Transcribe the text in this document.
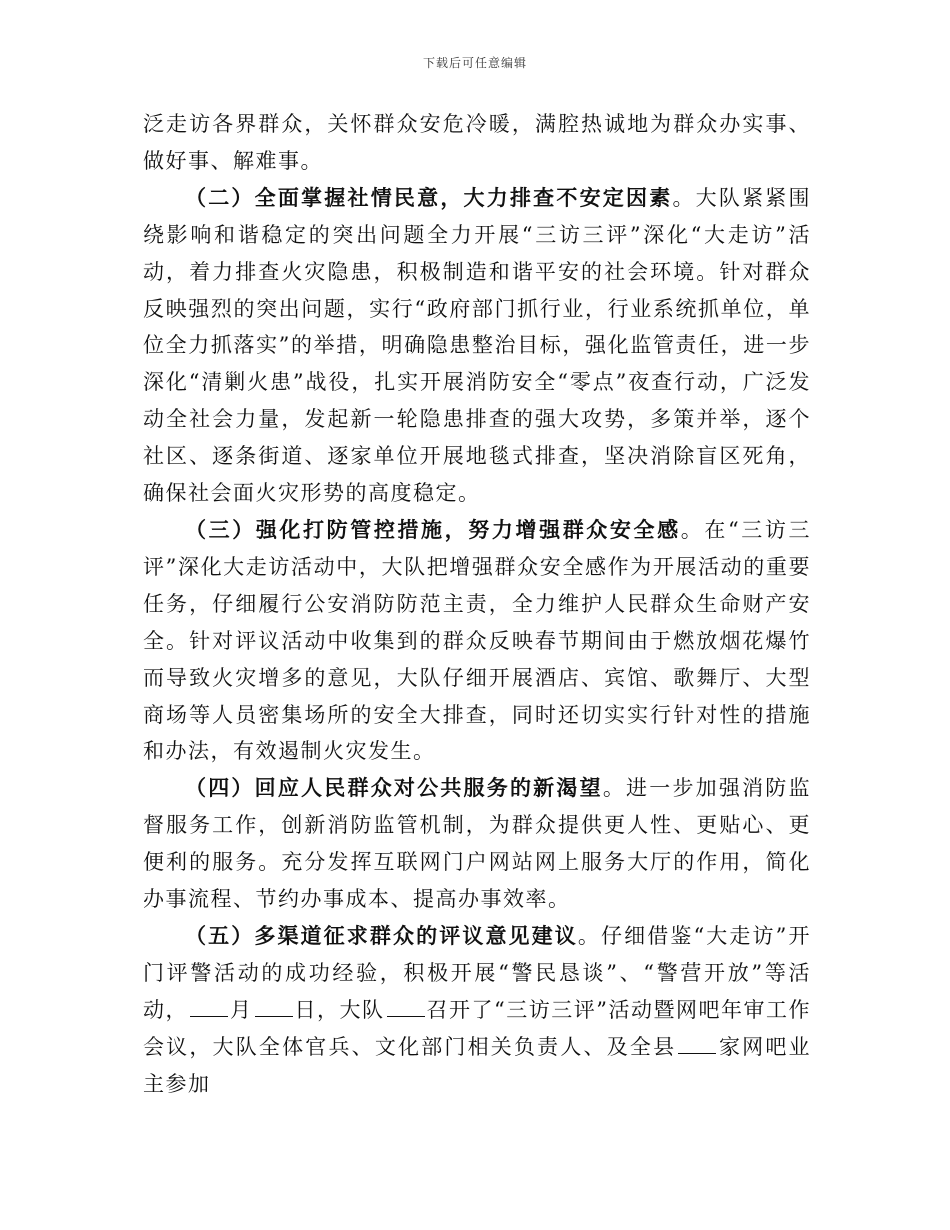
下载后可任意编辑

泛走访各界群众，关怀群众安危冷暖，满腔热诚地为群众办实事、做好事、解难事。

（二）全面掌握社情民意，大力排查不安定因素。大队紧紧围绕影响和谐稳定的突出问题全力开展“三访三评”深化“大走访”活动，着力排查火灾隐患，积极制造和谐平安的社会环境。针对群众反映强烈的突出问题，实行“政府部门抓行业，行业系统抓单位，单位全力抓落实”的举措，明确隐患整治目标，强化监管责任，进一步深化“清剿火患”战役，扎实开展消防安全“零点”夜查行动，广泛发动全社会力量，发起新一轮隐患排查的强大攻势，多策并举，逐个社区、逐条街道、逐家单位开展地毯式排查，坚决消除盲区死角，确保社会面火灾形势的高度稳定。

（三）强化打防管控措施，努力增强群众安全感。在“三访三评”深化大走访活动中，大队把增强群众安全感作为开展活动的重要任务，仔细履行公安消防防范主责，全力维护人民群众生命财产安全。针对评议活动中收集到的群众反映春节期间由于燃放烟花爆竹而导致火灾增多的意见，大队仔细开展酒店、宾馆、歌舞厅、大型商场等人员密集场所的安全大排查，同时还切实实行针对性的措施和办法，有效遏制火灾发生。

（四）回应人民群众对公共服务的新渴望。进一步加强消防监督服务工作，创新消防监管机制，为群众提供更人性、更贴心、更便利的服务。充分发挥互联网门户网站网上服务大厅的作用，简化办事流程、节约办事成本、提高办事效率。

（五）多渠道征求群众的评议意见建议。仔细借鉴“大走访”开门评警活动的成功经验，积极开展“警民恳谈”、“警营开放”等活动， 月 日，大队 召开了“三访三评”活动暨网吧年审工作会议，大队全体官兵、文化部门相关负责人、及全县 家网吧业主参加
